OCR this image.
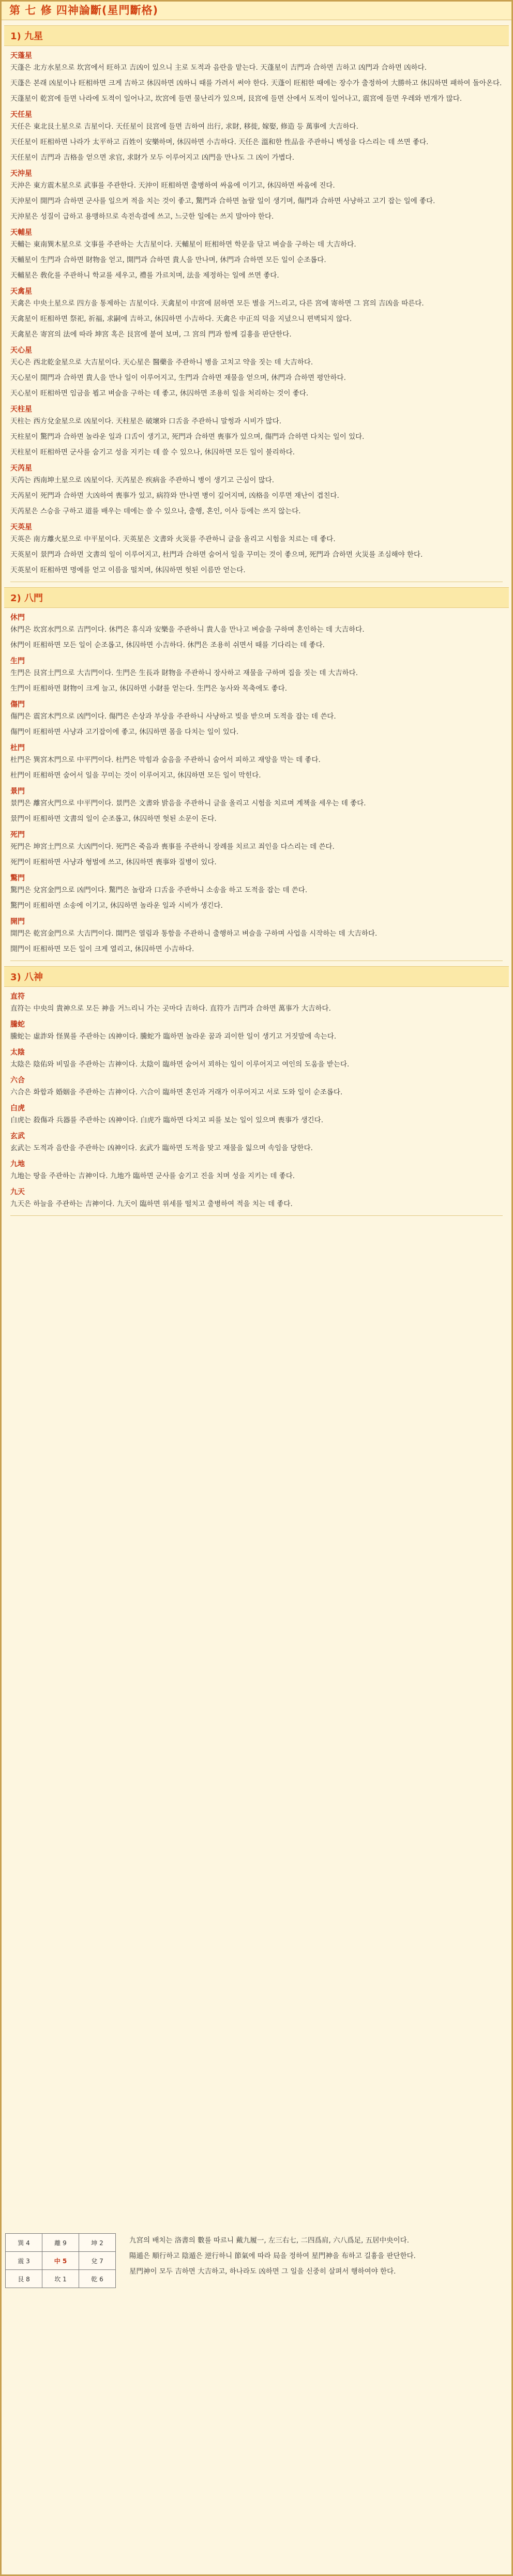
第 七 修 四神論斷(星門斷格)
1) 九星
天蓬星
天蓬은 北方水星으로 坎宮에서 旺하고 吉凶이 있으니 主로 도적과 음란을 맡는다. 天蓬星이 吉門과 合하면 吉하고 凶門과 合하면 凶하다.
天蓬은 본래 凶星이나 旺相하면 크게 吉하고 休囚하면 凶하니 때를 가려서 써야 한다. 天蓬이 旺相한 때에는 장수가 출정하여 大勝하고 休囚하면 패하여 돌아온다.
天蓬星이 乾宮에 들면 나라에 도적이 일어나고, 坎宮에 들면 물난리가 있으며, 艮宮에 들면 산에서 도적이 일어나고, 震宮에 들면 우레와 번개가 많다.
天任星
天任은 東北艮土星으로 吉星이다. 天任星이 艮宮에 들면 吉하여 出行, 求財, 移徙, 嫁娶, 修造 등 萬事에 大吉하다.
天任星이 旺相하면 나라가 太平하고 百姓이 安樂하며, 休囚하면 小吉하다. 天任은 溫和한 性品을 주관하니 백성을 다스리는 데 쓰면 좋다.
天任星이 吉門과 吉格을 얻으면 求官, 求財가 모두 이루어지고 凶門을 만나도 그 凶이 가볍다.
天沖星
天沖은 東方震木星으로 武事를 주관한다. 天沖이 旺相하면 출병하여 싸움에 이기고, 休囚하면 싸움에 진다.
天沖星이 開門과 合하면 군사를 일으켜 적을 치는 것이 좋고, 驚門과 合하면 놀랄 일이 생기며, 傷門과 合하면 사냥하고 고기 잡는 일에 좋다.
天沖星은 성질이 급하고 용맹하므로 속전속결에 쓰고, 느긋한 일에는 쓰지 말아야 한다.
天輔星
天輔는 東南巽木星으로 文事를 주관하는 大吉星이다. 天輔星이 旺相하면 학문을 닦고 벼슬을 구하는 데 大吉하다.
天輔星이 生門과 合하면 財物을 얻고, 開門과 合하면 貴人을 만나며, 休門과 合하면 모든 일이 순조롭다.
天輔星은 敎化를 주관하니 학교를 세우고, 禮를 가르치며, 法을 제정하는 일에 쓰면 좋다.
天禽星
天禽은 中央土星으로 四方을 통제하는 吉星이다. 天禽星이 中宮에 居하면 모든 별을 거느리고, 다른 宮에 寄하면 그 宮의 吉凶을 따른다.
天禽星이 旺相하면 祭祀, 祈福, 求嗣에 吉하고, 休囚하면 小吉하다. 天禽은 中正의 덕을 지녔으니 편벽되지 않다.
天禽星은 寄宮의 法에 따라 坤宮 혹은 艮宮에 붙여 보며, 그 宮의 門과 함께 길흉을 판단한다.
天心星
天心은 西北乾金星으로 大吉星이다. 天心星은 醫藥을 주관하니 병을 고치고 약을 짓는 데 大吉하다.
天心星이 開門과 合하면 貴人을 만나 일이 이루어지고, 生門과 合하면 재물을 얻으며, 休門과 合하면 평안하다.
天心星이 旺相하면 임금을 뵙고 벼슬을 구하는 데 좋고, 休囚하면 조용히 일을 처리하는 것이 좋다.
天柱星
天柱는 西方兌金星으로 凶星이다. 天柱星은 破壞와 口舌을 주관하니 말썽과 시비가 많다.
天柱星이 驚門과 合하면 놀라운 일과 口舌이 생기고, 死門과 合하면 喪事가 있으며, 傷門과 合하면 다치는 일이 있다.
天柱星이 旺相하면 군사를 숨기고 성을 지키는 데 쓸 수 있으나, 休囚하면 모든 일이 불리하다.
天芮星
天芮는 西南坤土星으로 凶星이다. 天芮星은 疾病을 주관하니 병이 생기고 근심이 많다.
天芮星이 死門과 合하면 大凶하여 喪事가 있고, 病符와 만나면 병이 깊어지며, 凶格을 이루면 재난이 겹친다.
天芮星은 스승을 구하고 道를 배우는 데에는 쓸 수 있으나, 출행, 혼인, 이사 등에는 쓰지 않는다.
天英星
天英은 南方離火星으로 中平星이다. 天英星은 文書와 火災를 주관하니 글을 올리고 시험을 치르는 데 좋다.
天英星이 景門과 合하면 文書의 일이 이루어지고, 杜門과 合하면 숨어서 일을 꾸미는 것이 좋으며, 死門과 合하면 火災를 조심해야 한다.
天英星이 旺相하면 명예를 얻고 이름을 떨치며, 休囚하면 헛된 이름만 얻는다.
2) 八門
休門
休門은 坎宮水門으로 吉門이다. 休門은 휴식과 安樂을 주관하니 貴人을 만나고 벼슬을 구하며 혼인하는 데 大吉하다.
休門이 旺相하면 모든 일이 순조롭고, 休囚하면 小吉하다. 休門은 조용히 쉬면서 때를 기다리는 데 좋다.
生門
生門은 艮宮土門으로 大吉門이다. 生門은 生長과 財物을 주관하니 장사하고 재물을 구하며 집을 짓는 데 大吉하다.
生門이 旺相하면 財物이 크게 늘고, 休囚하면 小財를 얻는다. 生門은 농사와 목축에도 좋다.
傷門
傷門은 震宮木門으로 凶門이다. 傷門은 손상과 부상을 주관하니 사냥하고 빚을 받으며 도적을 잡는 데 쓴다.
傷門이 旺相하면 사냥과 고기잡이에 좋고, 休囚하면 몸을 다치는 일이 있다.
杜門
杜門은 巽宮木門으로 中平門이다. 杜門은 막힘과 숨음을 주관하니 숨어서 피하고 재앙을 막는 데 좋다.
杜門이 旺相하면 숨어서 일을 꾸미는 것이 이루어지고, 休囚하면 모든 일이 막힌다.
景門
景門은 離宮火門으로 中平門이다. 景門은 文書와 밝음을 주관하니 글을 올리고 시험을 치르며 계책을 세우는 데 좋다.
景門이 旺相하면 文書의 일이 순조롭고, 休囚하면 헛된 소문이 돈다.
死門
死門은 坤宮土門으로 大凶門이다. 死門은 죽음과 喪事를 주관하니 장례를 치르고 죄인을 다스리는 데 쓴다.
死門이 旺相하면 사냥과 형벌에 쓰고, 休囚하면 喪事와 질병이 있다.
驚門
驚門은 兌宮金門으로 凶門이다. 驚門은 놀람과 口舌을 주관하니 소송을 하고 도적을 잡는 데 쓴다.
驚門이 旺相하면 소송에 이기고, 休囚하면 놀라운 일과 시비가 생긴다.
開門
開門은 乾宮金門으로 大吉門이다. 開門은 열림과 통함을 주관하니 출행하고 벼슬을 구하며 사업을 시작하는 데 大吉하다.
開門이 旺相하면 모든 일이 크게 열리고, 休囚하면 小吉하다.
3) 八神
直符
直符는 中央의 貴神으로 모든 神을 거느리니 가는 곳마다 吉하다. 直符가 吉門과 合하면 萬事가 大吉하다.
騰蛇
騰蛇는 虛詐와 怪異를 주관하는 凶神이다. 騰蛇가 臨하면 놀라운 꿈과 괴이한 일이 생기고 거짓말에 속는다.
太陰
太陰은 陰佑와 비밀을 주관하는 吉神이다. 太陰이 臨하면 숨어서 꾀하는 일이 이루어지고 여인의 도움을 받는다.
六合
六合은 화합과 婚姻을 주관하는 吉神이다. 六合이 臨하면 혼인과 거래가 이루어지고 서로 도와 일이 순조롭다.
白虎
白虎는 殺傷과 兵器를 주관하는 凶神이다. 白虎가 臨하면 다치고 피를 보는 일이 있으며 喪事가 생긴다.
玄武
玄武는 도적과 음란을 주관하는 凶神이다. 玄武가 臨하면 도적을 맞고 재물을 잃으며 속임을 당한다.
九地
九地는 땅을 주관하는 吉神이다. 九地가 臨하면 군사를 숨기고 진을 치며 성을 지키는 데 좋다.
九天
九天은 하늘을 주관하는 吉神이다. 九天이 臨하면 위세를 떨치고 출병하여 적을 치는 데 좋다.
巽 4	離 9	坤 2
震 3	中 5	兌 7
艮 8	坎 1	乾 6
九宮의 배치는 洛書의 數를 따르니 戴九履一, 左三右七, 二四爲肩, 六八爲足, 五居中央이다.
陽遁은 順行하고 陰遁은 逆行하니 節氣에 따라 局을 정하여 星門神을 布하고 길흉을 판단한다.
星門神이 모두 吉하면 大吉하고, 하나라도 凶하면 그 일을 신중히 살펴서 행하여야 한다.
